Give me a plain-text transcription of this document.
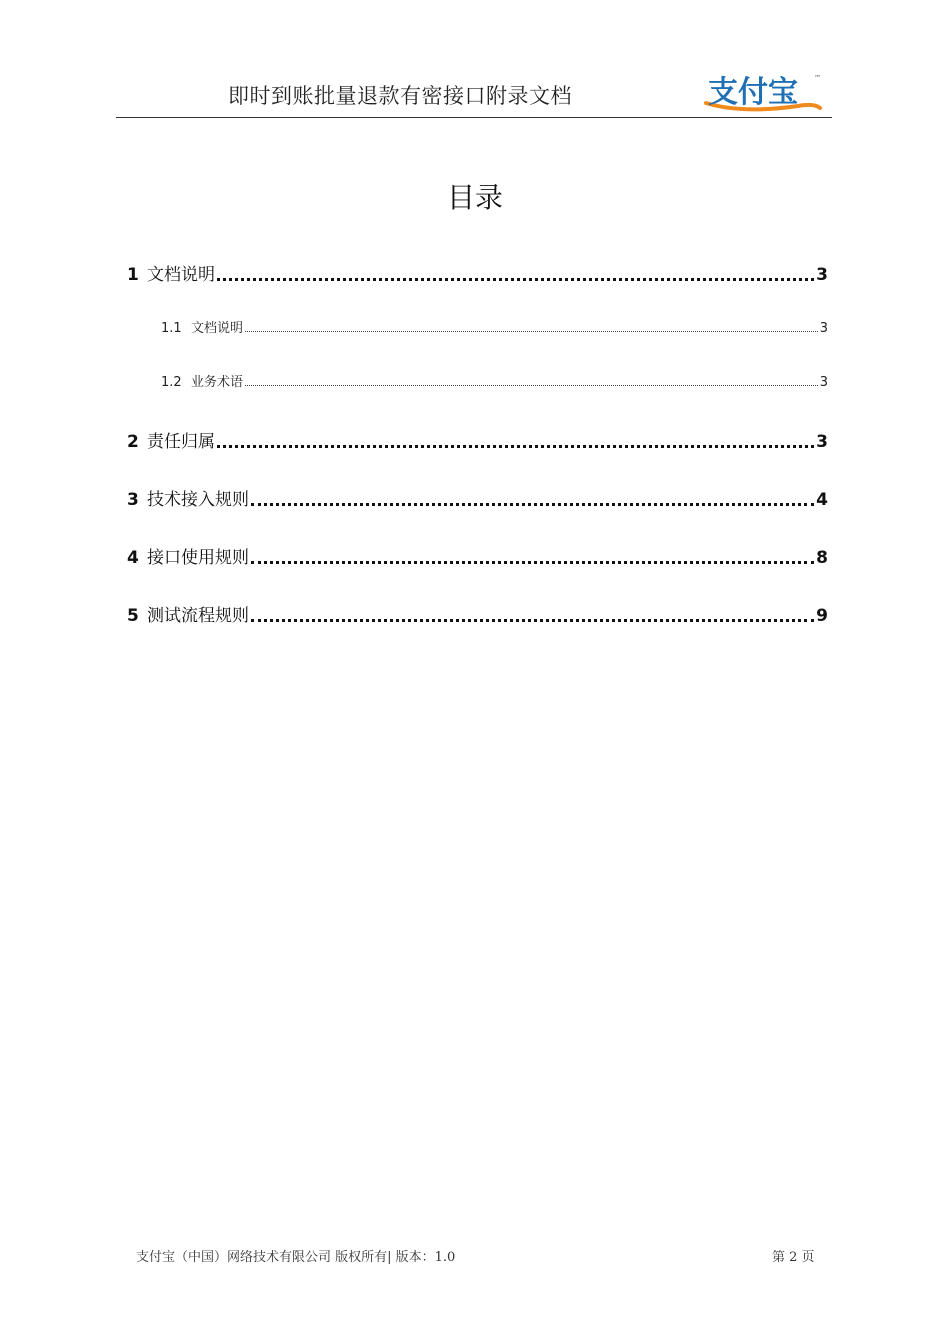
即时到账批量退款有密接口附录文档	支付宝 ™
目录
1 文档说明	3
1.1 文档说明	3
1.2 业务术语	3
2 责任归属	3
3 技术接入规则	4
4 接口使用规则	8
5 测试流程规则	9
支付宝（中国）网络技术有限公司 版权所有| 版本：1.0	第 2 页
